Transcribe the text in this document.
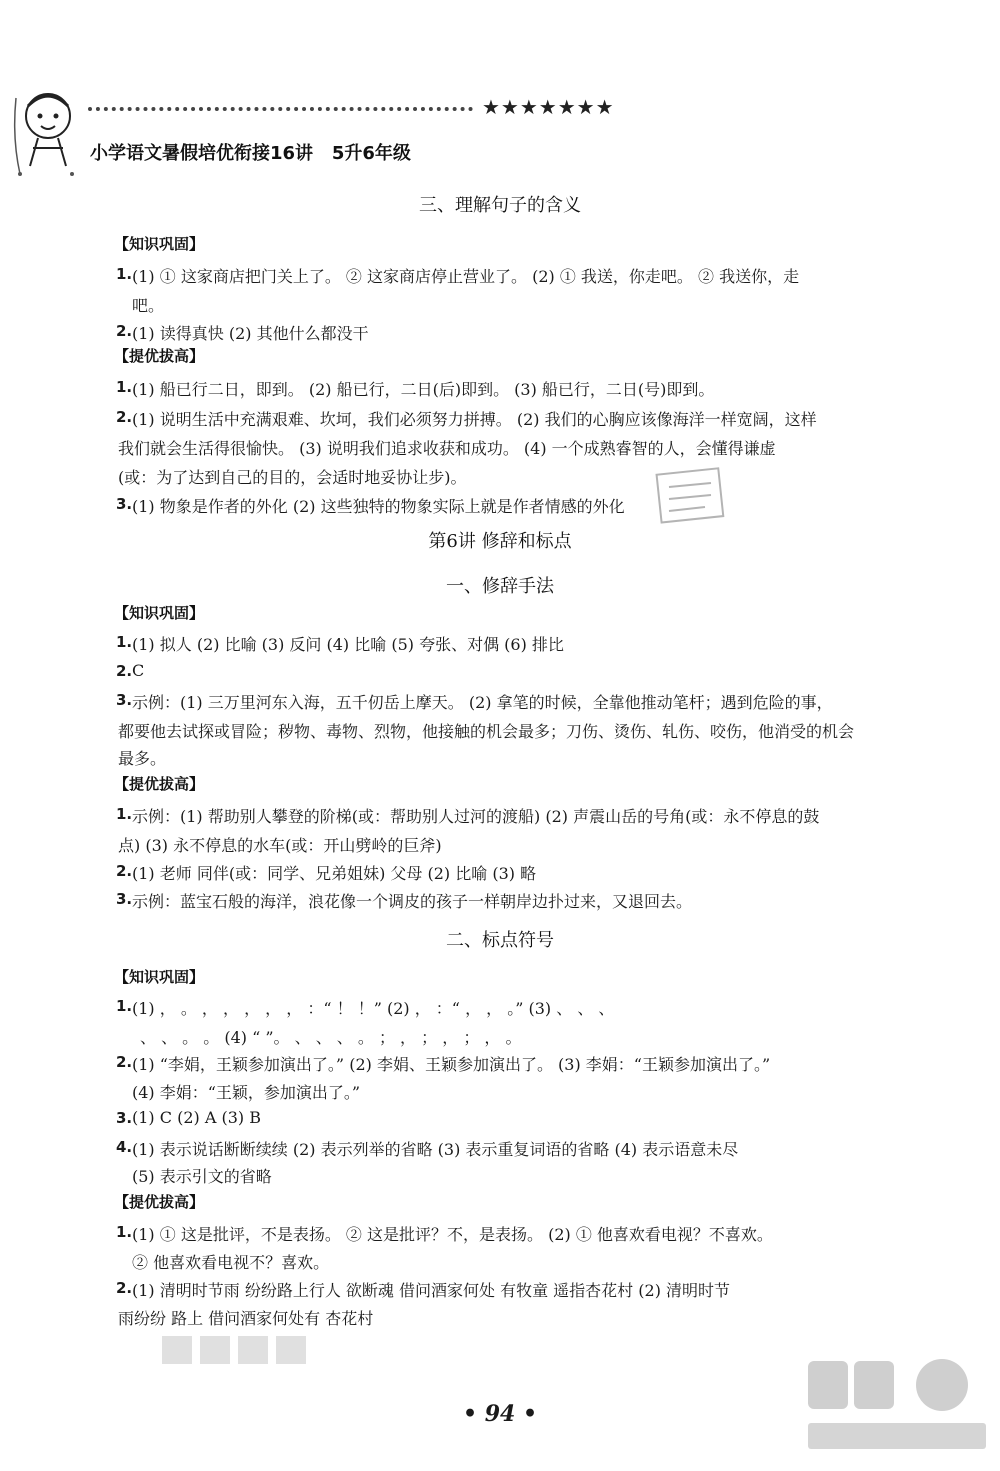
★★★★★★★
小学语文暑假培优衔接16讲   5升6年级
三、理解句子的含义
【知识巩固】
1. (1) ① 这家商店把门关上了。 ② 这家商店停止营业了。 (2) ① 我送，你走吧。 ② 我送你，走
吧。
2. (1) 读得真快 (2) 其他什么都没干
【提优拔高】
1. (1) 船已行二日，即到。 (2) 船已行，二日(后)即到。 (3) 船已行，二日(号)即到。
2. (1) 说明生活中充满艰难、坎坷，我们必须努力拼搏。 (2) 我们的心胸应该像海洋一样宽阔，这样
我们就会生活得很愉快。 (3) 说明我们追求收获和成功。 (4) 一个成熟睿智的人，会懂得谦虚
(或：为了达到自己的目的，会适时地妥协让步)。
3. (1) 物象是作者的外化 (2) 这些独特的物象实际上就是作者情感的外化
第6讲 修辞和标点
一、修辞手法
【知识巩固】
1. (1) 拟人 (2) 比喻 (3) 反问 (4) 比喻 (5) 夸张、对偶 (6) 排比
2. C
3. 示例：(1) 三万里河东入海，五千仞岳上摩天。 (2) 拿笔的时候，全靠他推动笔杆；遇到危险的事，
都要他去试探或冒险；秽物、毒物、烈物，他接触的机会最多；刀伤、烫伤、轧伤、咬伤，他消受的机会
最多。
【提优拔高】
1. 示例：(1) 帮助别人攀登的阶梯(或：帮助别人过河的渡船) (2) 声震山岳的号角(或：永不停息的鼓
点) (3) 永不停息的水车(或：开山劈岭的巨斧)
2. (1) 老师 同伴(或：同学、兄弟姐妹) 父母 (2) 比喻 (3) 略
3. 示例：蓝宝石般的海洋，浪花像一个调皮的孩子一样朝岸边扑过来，又退回去。
二、标点符号
【知识巩固】
1. (1) ， 。 ， ， ， ， ， ：“ ！ ！” (2) ， ：“ ， ， 。” (3) 、 、 、
、 、 。 。 (4) “ ”。 、 、 、 。 ； ， ； ， ； ， 。
2. (1) “李娟，王颖参加演出了。” (2) 李娟、王颖参加演出了。 (3) 李娟：“王颖参加演出了。”
(4) 李娟：“王颖，参加演出了。”
3. (1) C (2) A (3) B
4. (1) 表示说话断断续续 (2) 表示列举的省略 (3) 表示重复词语的省略 (4) 表示语意未尽
(5) 表示引文的省略
【提优拔高】
1. (1) ① 这是批评，不是表扬。 ② 这是批评？不，是表扬。 (2) ① 他喜欢看电视？不喜欢。
② 他喜欢看电视不？喜欢。
2. (1) 清明时节雨 纷纷路上行人 欲断魂 借问酒家何处 有牧童 遥指杏花村 (2) 清明时节
雨纷纷 路上 借问酒家何处有 杏花村
• 94 •
